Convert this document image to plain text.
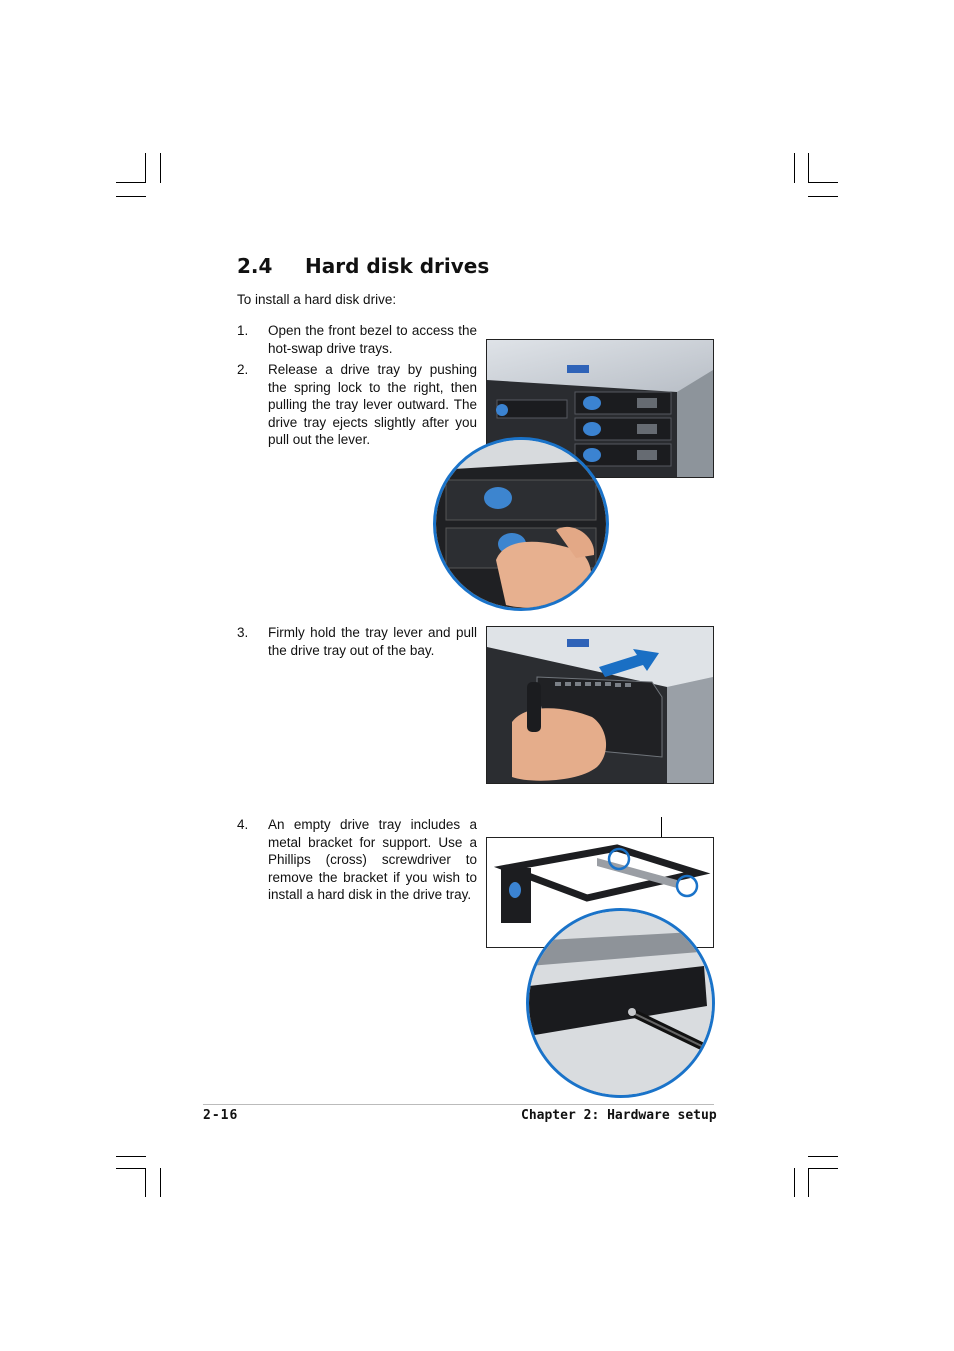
2.4 Hard disk drives
To install a hard disk drive:
1.	Open the front bezel to access the hot-swap drive trays.
2.	Release a drive tray by pushing the spring lock to the right, then pulling the tray lever outward. The drive tray ejects slightly after you pull out the lever.
3.	Firmly hold the tray lever and pull the drive tray out of the bay.
4.	An empty drive tray includes a metal bracket for support. Use a Phillips (cross) screwdriver to remove the bracket if you wish to install a hard disk in the drive tray.
2-16	Chapter 2: Hardware setup
